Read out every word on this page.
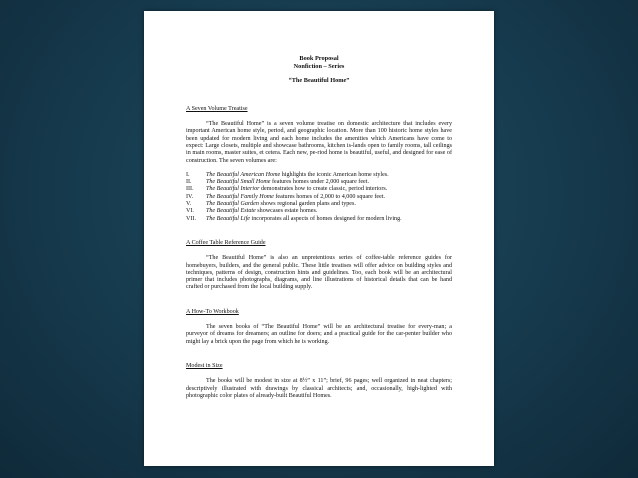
Book Proposal
Nonfiction – Series
“The Beautiful Home”
A Seven Volume Treatise

“The Beautiful Home” is a seven volume treatise on domestic architecture that includes every important American home style, period, and geographic location. More than 100 historic home styles have been updated for modern living and each home includes the amenities which Americans have come to expect: Large closets, multiple and showcase bathrooms, kitchen is-lands open to family rooms, tall ceilings in main rooms, master suites, et cetera. Each new, pe-riod home is beautiful, useful, and designed for ease of construction. The seven volumes are:

I.	The Beautiful American Home highlights the iconic American home styles.
II.	The Beautiful Small Home features homes under 2,000 square feet.
III.	The Beautiful Interior demonstrates how to create classic, period interiors.
IV.	The Beautiful Family Home features homes of 2,000 to 4,000 square feet.
V.	The Beautiful Garden shows regional garden plans and types.
VI.	The Beautiful Estate showcases estate homes.
VII.	The Beautiful Life incorporates all aspects of homes designed for modern living.
A Coffee Table Reference Guide

“The Beautiful Home” is also an unpretentious series of coffee-table reference guides for homebuyers, builders, and the general public. These little treatises will offer advice on building styles and techniques, patterns of design, construction hints and guidelines. Too, each book will be an architectural primer that includes photographs, diagrams, and line illustrations of historical details that can be hand crafted or purchased from the local building supply.

A How-To Workbook

The seven books of “The Beautiful Home” will be an architectural treatise for every-man; a purveyor of dreams for dreamers; an outline for doers; and a practical guide for the car-penter builder who might lay a brick upon the page from which he is working.

Modest in Size

The books will be modest in size at 8½” x 11”; brief, 96 pages; well organized in neat chapters; descriptively illustrated with drawings by classical architects; and, occasionally, high-lighted with photographic color plates of already-built Beautiful Homes.
